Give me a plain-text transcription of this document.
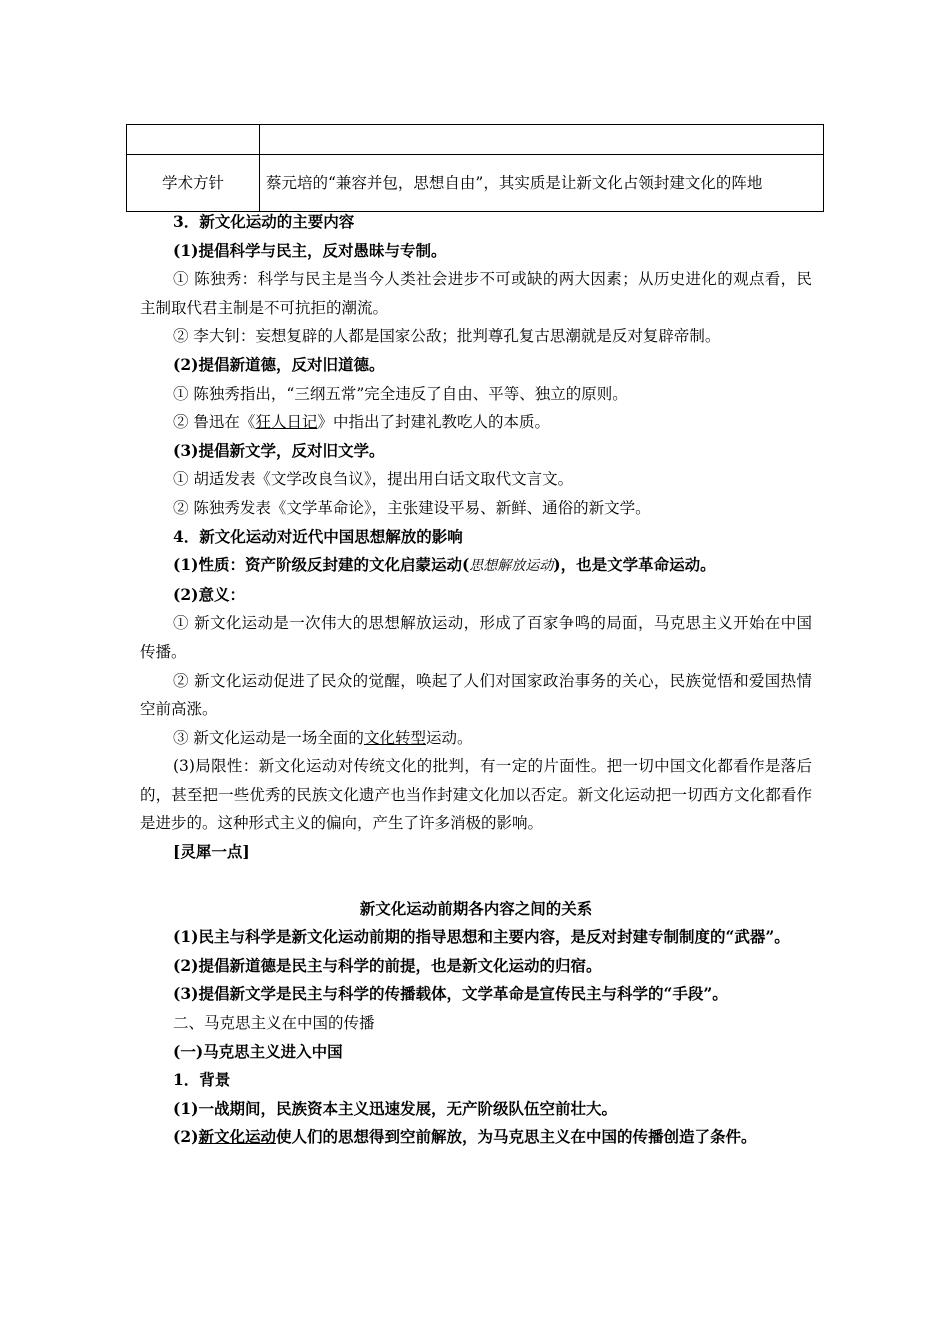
学术方针	蔡元培的“兼容并包，思想自由”，其实质是让新文化占领封建文化的阵地

3．新文化运动的主要内容

(1)提倡科学与民主，反对愚昧与专制。

① 陈独秀：科学与民主是当今人类社会进步不可或缺的两大因素；从历史进化的观点看，民主制取代君主制是不可抗拒的潮流。

② 李大钊：妄想复辟的人都是国家公敌；批判尊孔复古思潮就是反对复辟帝制。

(2)提倡新道德，反对旧道德。

① 陈独秀指出，“三纲五常”完全违反了自由、平等、独立的原则。

② 鲁迅在《狂人日记》中指出了封建礼教吃人的本质。

(3)提倡新文学，反对旧文学。

① 胡适发表《文学改良刍议》，提出用白话文取代文言文。

② 陈独秀发表《文学革命论》，主张建设平易、新鲜、通俗的新文学。

4．新文化运动对近代中国思想解放的影响

(1)性质：资产阶级反封建的文化启蒙运动(思想解放运动)，也是文学革命运动。

(2)意义：

① 新文化运动是一次伟大的思想解放运动，形成了百家争鸣的局面，马克思主义开始在中国传播。

② 新文化运动促进了民众的觉醒，唤起了人们对国家政治事务的关心，民族觉悟和爱国热情空前高涨。

③ 新文化运动是一场全面的文化转型运动。

(3)局限性：新文化运动对传统文化的批判，有一定的片面性。把一切中国文化都看作是落后的，甚至把一些优秀的民族文化遗产也当作封建文化加以否定。新文化运动把一切西方文化都看作是进步的。这种形式主义的偏向，产生了许多消极的影响。

[灵犀一点]

新文化运动前期各内容之间的关系

(1)民主与科学是新文化运动前期的指导思想和主要内容，是反对封建专制制度的“武器”。

(2)提倡新道德是民主与科学的前提，也是新文化运动的归宿。

(3)提倡新文学是民主与科学的传播载体，文学革命是宣传民主与科学的“手段”。

二、马克思主义在中国的传播

(一)马克思主义进入中国

1．背景

(1)一战期间，民族资本主义迅速发展，无产阶级队伍空前壮大。

(2)新文化运动使人们的思想得到空前解放，为马克思主义在中国的传播创造了条件。
